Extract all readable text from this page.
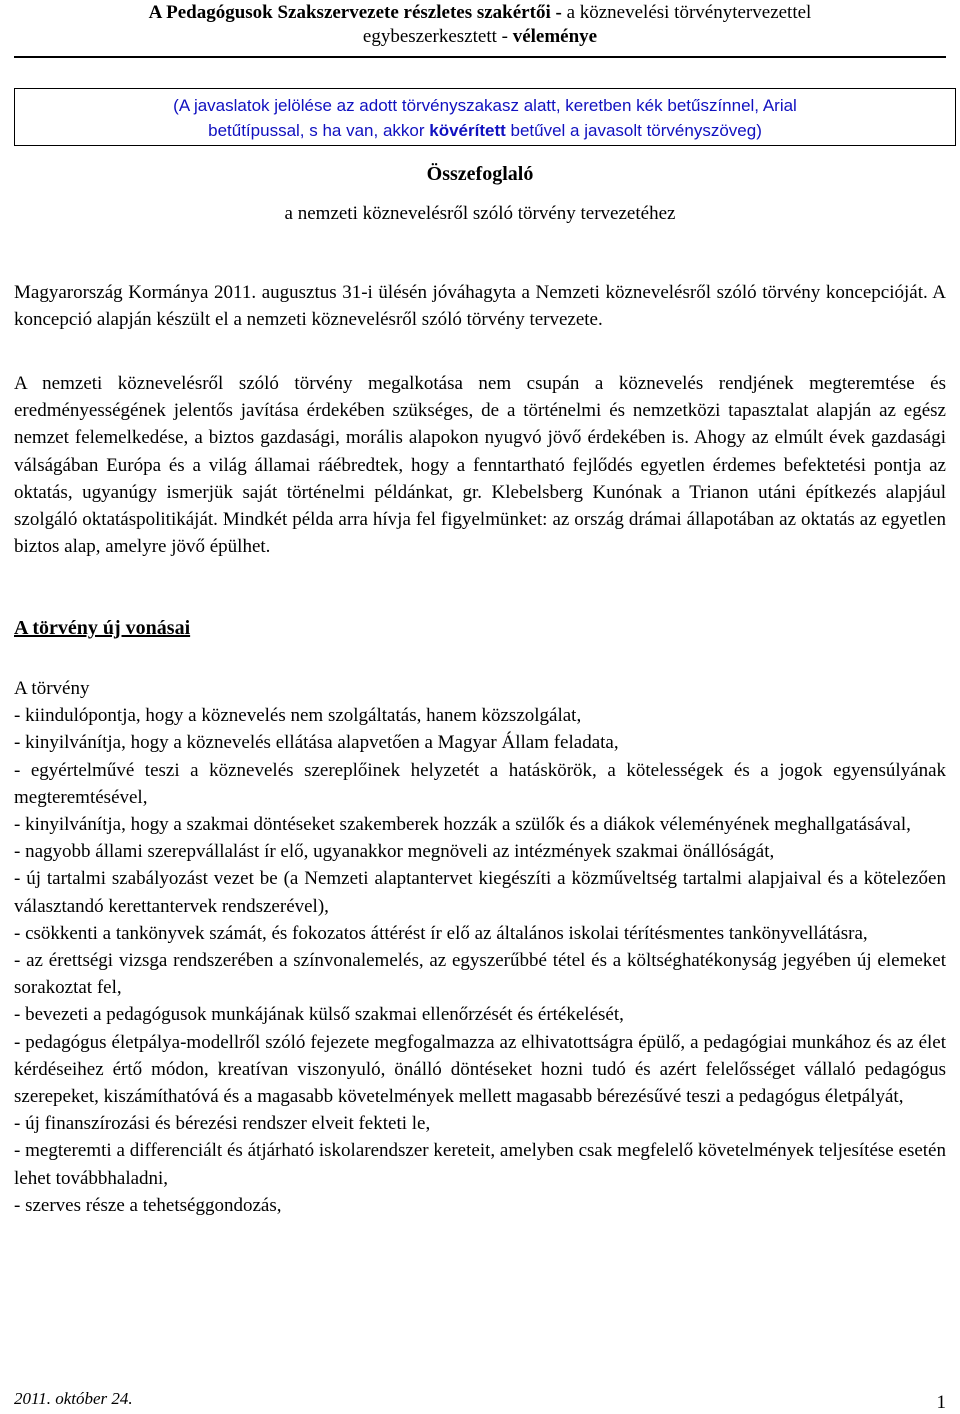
A Pedagógusok Szakszervezete részletes szakértői - a köznevelési törvénytervezettel
egybeszerkesztett - véleménye
(A javaslatok jelölése az adott törvényszakasz alatt, keretben kék betűszínnel, Arial
betűtípussal, s ha van, akkor kövérített betűvel a javasolt törvényszöveg)
Összefoglaló
a nemzeti köznevelésről szóló törvény tervezetéhez

Magyarország Kormánya 2011. augusztus 31-i ülésén jóváhagyta a Nemzeti köznevelésről szóló törvény koncepcióját. A koncepció alapján készült el a nemzeti köznevelésről szóló törvény tervezete.

A nemzeti köznevelésről szóló törvény megalkotása nem csupán a köznevelés rendjének megteremtése és eredményességének jelentős javítása érdekében szükséges, de a történelmi és nemzetközi tapasztalat alapján az egész nemzet felemelkedése, a biztos gazdasági, morális alapokon nyugvó jövő érdekében is. Ahogy az elmúlt évek gazdasági válságában Európa és a világ államai ráébredtek, hogy a fenntartható fejlődés egyetlen érdemes befektetési pontja az oktatás, ugyanúgy ismerjük saját történelmi példánkat, gr. Klebelsberg Kunónak a Trianon utáni építkezés alapjául szolgáló oktatáspolitikáját. Mindkét példa arra hívja fel figyelmünket: az ország drámai állapotában az oktatás az egyetlen biztos alap, amelyre jövő épülhet.

A törvény új vonásai

A törvény

- kiindulópontja, hogy a köznevelés nem szolgáltatás, hanem közszolgálat,

- kinyilvánítja, hogy a köznevelés ellátása alapvetően a Magyar Állam feladata,

- egyértelművé teszi a köznevelés szereplőinek helyzetét a hatáskörök, a kötelességek és a jogok egyensúlyának megteremtésével,

- kinyilvánítja, hogy a szakmai döntéseket szakemberek hozzák a szülők és a diákok véleményének meghallgatásával,

- nagyobb állami szerepvállalást ír elő, ugyanakkor megnöveli az intézmények szakmai önállóságát,

- új tartalmi szabályozást vezet be (a Nemzeti alaptantervet kiegészíti a közműveltség tartalmi alapjaival és a kötelezően választandó kerettantervek rendszerével),

- csökkenti a tankönyvek számát, és fokozatos áttérést ír elő az általános iskolai térítésmentes tankönyvellátásra,

- az érettségi vizsga rendszerében a színvonalemelés, az egyszerűbbé tétel és a költséghatékonyság jegyében új elemeket sorakoztat fel,

- bevezeti a pedagógusok munkájának külső szakmai ellenőrzését és értékelését,

- pedagógus életpálya-modellről szóló fejezete megfogalmazza az elhivatottságra épülő, a pedagógiai munkához és az élet kérdéseihez értő módon, kreatívan viszonyuló, önálló döntéseket hozni tudó és azért felelősséget vállaló pedagógus szerepeket, kiszámíthatóvá és a magasabb követelmények mellett magasabb bérezésűvé teszi a pedagógus életpályát,

- új finanszírozási és bérezési rendszer elveit fekteti le,

- megteremti a differenciált és átjárható iskolarendszer kereteit, amelyben csak megfelelő követelmények teljesítése esetén lehet továbbhaladni,

- szerves része a tehetséggondozás,

2011. október 24.	1
